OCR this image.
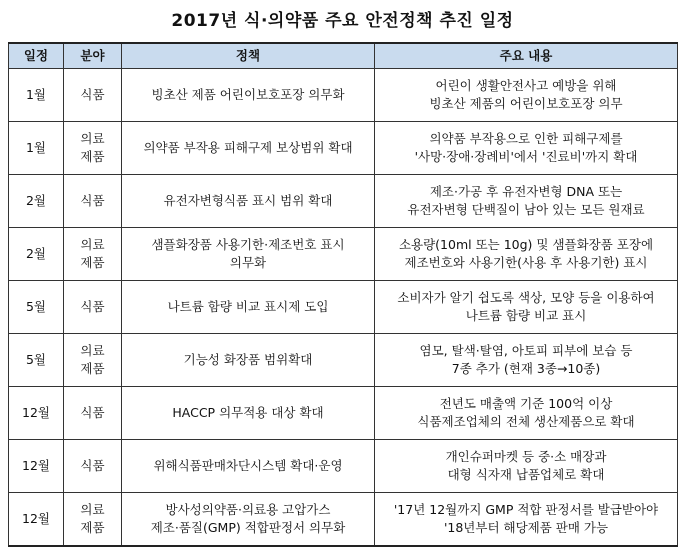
2017년 식·의약품 주요 안전정책 추진 일정
일정	분야	정책	주요 내용
1월	식품	빙초산 제품 어린이보호포장 의무화	어린이 생활안전사고 예방을 위해
빙초산 제품의 어린이보호포장 의무
1월	의료
제품	의약품 부작용 피해구제 보상범위 확대	의약품 부작용으로 인한 피해구제를
'사망·장애·장례비'에서 '진료비'까지 확대
2월	식품	유전자변형식품 표시 범위 확대	제조·가공 후 유전자변형 DNA 또는
유전자변형 단백질이 남아 있는 모든 원재료
2월	의료
제품	샘플화장품 사용기한·제조번호 표시
의무화	소용량(10ml 또는 10g) 및 샘플화장품 포장에
제조번호와 사용기한(사용 후 사용기한) 표시
5월	식품	나트륨 함량 비교 표시제 도입	소비자가 알기 쉽도록 색상, 모양 등을 이용하여
나트륨 함량 비교 표시
5월	의료
제품	기능성 화장품 범위확대	염모, 탈색·탈염, 아토피 피부에 보습 등
7종 추가 (현재 3종→10종)
12월	식품	HACCP 의무적용 대상 확대	전년도 매출액 기준 100억 이상
식품제조업체의 전체 생산제품으로 확대
12월	식품	위해식품판매차단시스템 확대·운영	개인슈퍼마켓 등 중·소 매장과
대형 식자재 납품업체로 확대
12월	의료
제품	방사성의약품·의료용 고압가스
제조·품질(GMP) 적합판정서 의무화	'17년 12월까지 GMP 적합 판정서를 발급받아야
'18년부터 해당제품 판매 가능
